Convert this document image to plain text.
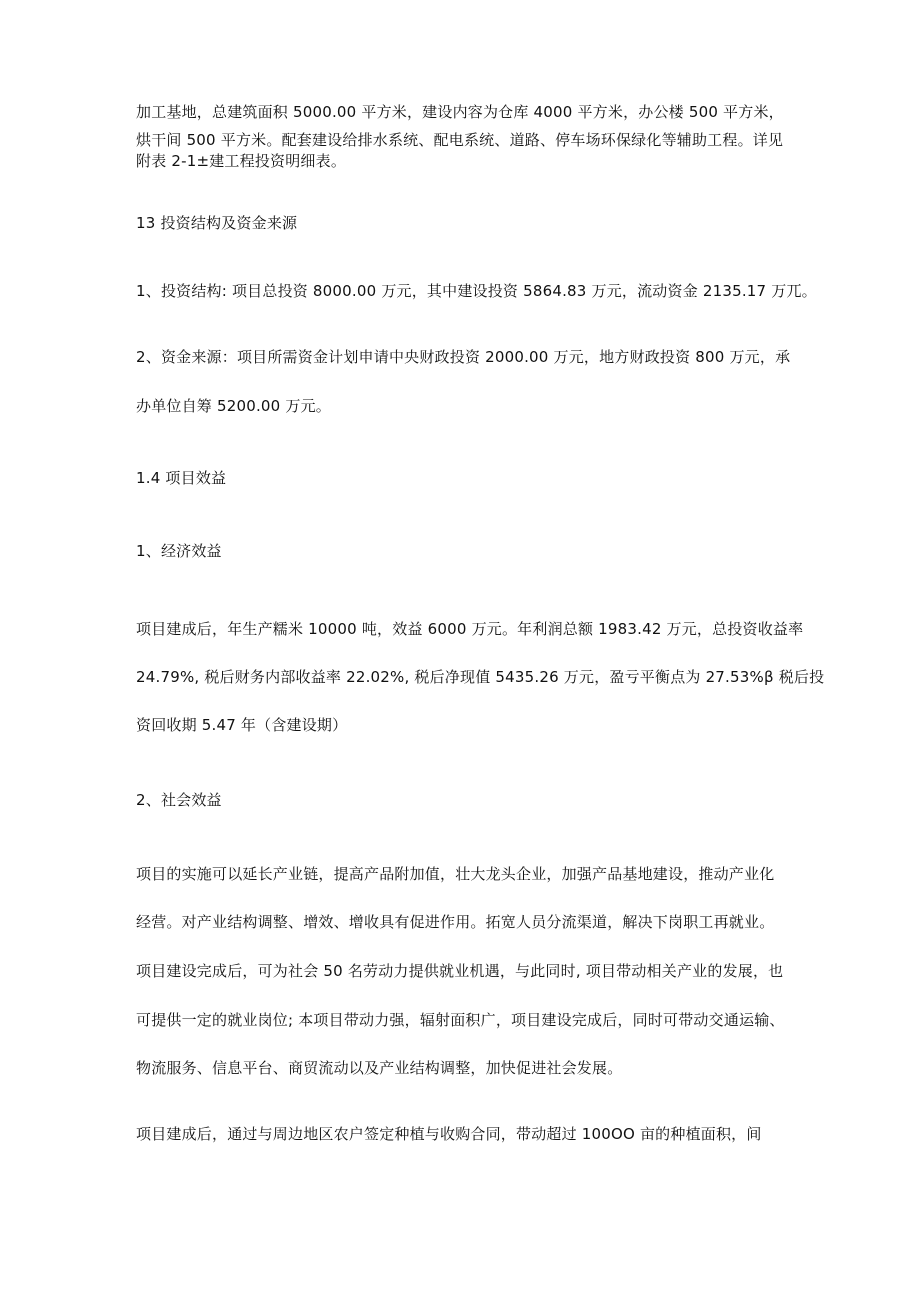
加工基地，总建筑面积 5000.00 平方米，建设内容为仓库 4000 平方米，办公楼 500 平方米，

烘干间 500 平方米。配套建设给排水系统、配电系统、道路、停车场环保绿化等辅助工程。详见

附表 2-1±建工程投资明细表。

13 投资结构及资金来源

1、投资结构: 项目总投资 8000.00 万元，其中建设投资 5864.83 万元，流动资金 2135.17 万兀。

2、资金来源：项目所需资金计划申请中央财政投资 2000.00 万元，地方财政投资 800 万元，承

办单位自筹 5200.00 万元。

1.4 项目效益

1、经济效益

项目建成后，年生产糯米 10000 吨，效益 6000 万元。年利润总额 1983.42 万元，总投资收益率

24.79%, 税后财务内部收益率 22.02%, 税后净现值 5435.26 万元，盈亏平衡点为 27.53%β 税后投

资回收期 5.47 年（含建设期）

2、社会效益

项目的实施可以延长产业链，提高产品附加值，壮大龙头企业，加强产品基地建设，推动产业化

经营。对产业结构调整、增效、增收具有促进作用。拓宽人员分流渠道，解决下岗职工再就业。

项目建设完成后，可为社会 50 名劳动力提供就业机遇，与此同时, 项目带动相关产业的发展，也

可提供一定的就业岗位; 本项目带动力强，辐射面积广，项目建设完成后，同时可带动交通运输、

物流服务、信息平台、商贸流动以及产业结构调整，加快促进社会发展。

项目建成后，通过与周边地区农户签定种植与收购合同，带动超过 100OO 亩的种植面积，间
